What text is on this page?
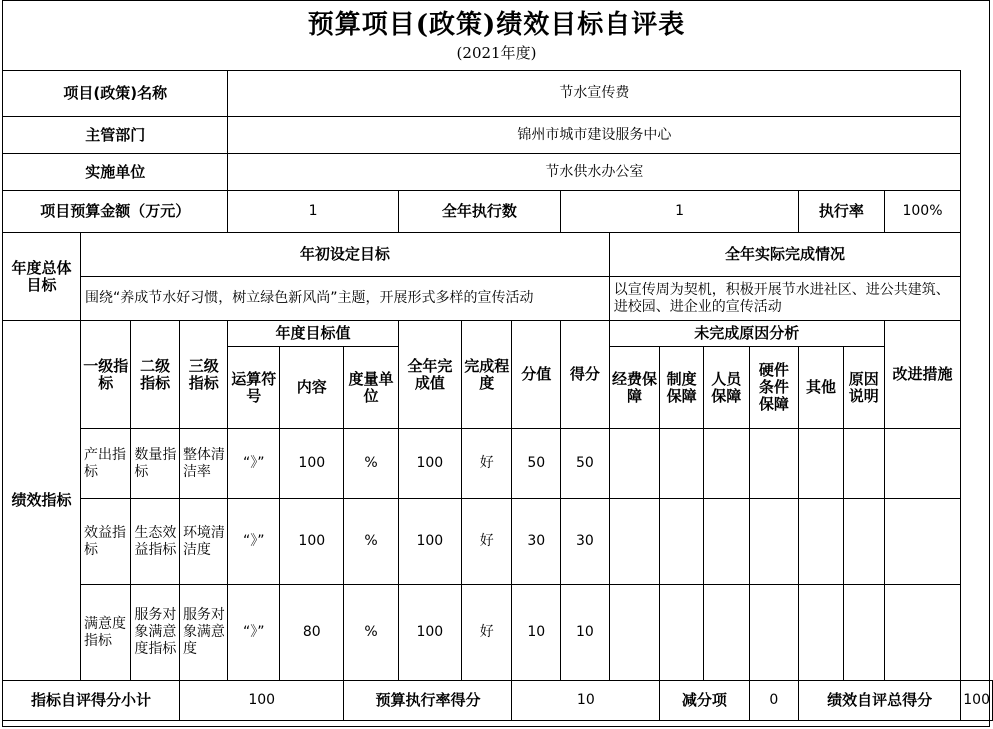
预算项目(政策)绩效目标自评表
(2021年度)
项目(政策)名称				节水宣传费														
主管部门				锦州市城市建设服务中心														
实施单位				节水供水办公室														
项目预算金额（万元）				1			全年执行数			1					执行率		100%	
年度总体目标	年初设定目标										全年实际完成情况							
	围绕“养成节水好习惯，树立绿色新风尚”主题，开展形式多样的宣传活动										以宣传周为契机，积极开展节水进社区、进公共建筑、进校园、进企业的宣传活动							
绩效指标	一级指标	二级指标	三级指标	年度目标值			全年完成值	完成程度	分值	得分	未完成原因分析						改进措施	
				运算符号	内容	度量单位					经费保障	制度保障	人员保障	硬件条件保障	其他	原因说明		
	产出指标	数量指标	整体清洁率	“》”	100	%	100	好	50	50								
	效益指标	生态效益指标	环境清洁度	“》”	100	%	100	好	30	30								
	满意度指标	服务对象满意度指标	服务对象满意度	“》”	80	%	100	好	10	10								
指标自评得分小计			100			预算执行率得分			10			减分项		0	绩效自评总得分			100
